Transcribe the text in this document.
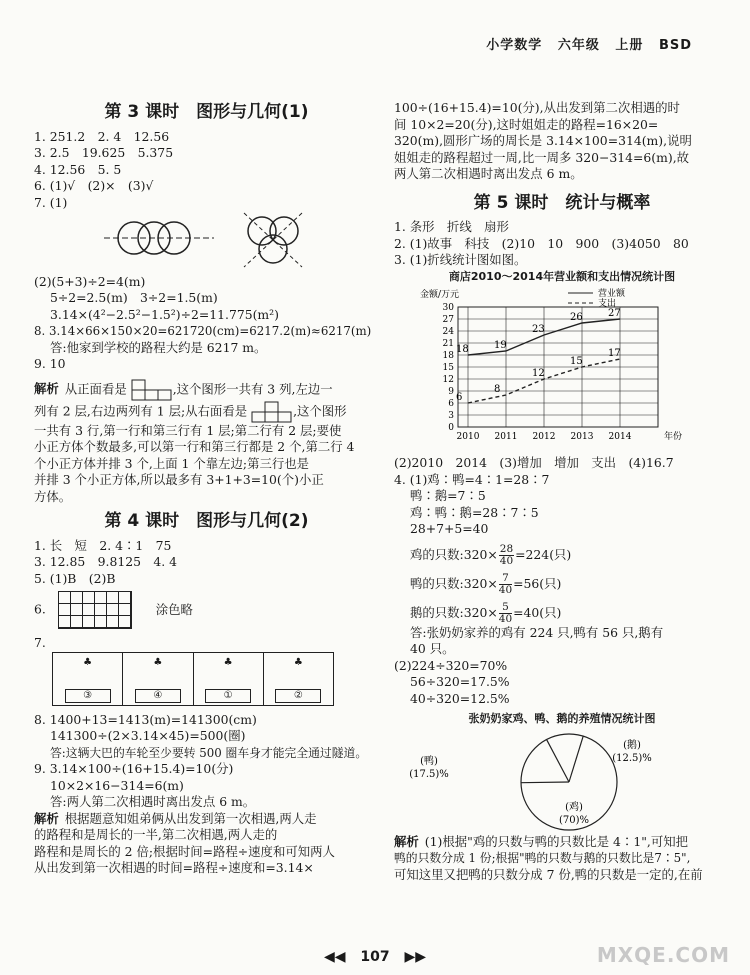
小学数学 六年级 上册 BSD
第 3 课时　图形与几何(1)
1. 251.2　2. 4　12.56
3. 2.5　19.625　5.375
4. 12.56　5. 5
6. (1)√　(2)×　(3)√
7. (1)
(2)(5+3)÷2=4(m)
5÷2=2.5(m)　3÷2=1.5(m)
3.14×(4²−2.5²−1.5²)÷2=11.775(m²)
8. 3.14×66×150×20=621720(cm)=6217.2(m)≈6217(m)
答:他家到学校的路程大约是 6217 m。
9. 10
解析 从正面看是	,这个图形一共有 3 列,左边一
列有 2 层,右边两列有 1 层;从右面看是	,这个图形
一共有 3 行,第一行和第三行有 1 层;第二行有 2 层;要使
小正方体个数最多,可以第一行和第三行都是 2 个,第二行 4
个小正方体并排 3 个,上面 1 个靠左边;第三行也是
并排 3 个小正方体,所以最多有 3+1+3=10(个)小正
方体。
第 4 课时　图形与几何(2)
1. 长　短　2. 4∶1　75
3. 12.85　9.8125　4. 4
5. (1)B　(2)B
6.	涂色略
7.
♣
③
♣
④
♣
①
♣
②
8. 1400+13=1413(m)=141300(cm)
141300÷(2×3.14×45)=500(圈)
答:这辆大巴的车轮至少要转 500 圈车身才能完全通过隧道。
9. 3.14×100÷(16+15.4)=10(分)
10×2×16−314=6(m)
答:两人第二次相遇时离出发点 6 m。
解析 根据题意知姐弟俩从出发到第一次相遇,两人走
的路程和是周长的一半,第二次相遇,两人走的
路程和是周长的 2 倍;根据时间=路程÷速度和可知两人
从出发到第一次相遇的时间=路程÷速度和=3.14×
100÷(16+15.4)=10(分),从出发到第二次相遇的时
间 10×2=20(分),这时姐姐走的路程=16×20=
320(m),圆形广场的周长是 3.14×100=314(m),说明
姐姐走的路程超过一周,比一周多 320−314=6(m),故
两人第二次相遇时离出发点 6 m。
第 5 课时　统计与概率
1. 条形　折线　扇形
2. (1)故事　科技　(2)10　10　900　(3)4050　80
3. (1)折线统计图如图。
商店2010～2014年营业额和支出情况统计图
金额/万元
0
3
6
9
12
15
18
21
24
27
30
2010 2011 2012 2013 2014	年份
18	19
23
26	27
营业额
6
8
12
15
17
支出
(2)2010　2014　(3)增加　增加　支出　(4)16.7
4. (1)鸡∶鸭=4∶1=28∶7
鸭∶鹅=7∶5
鸡∶鸭∶鹅=28∶7∶5
28+7+5=40
鸡的只数:320× $\frac{28}{40} =224$(只)
鸭的只数:320× $\frac{7}{40} =56$(只)
鹅的只数:320× $\frac{5}{40} =40$(只)
答:张奶奶家养的鸡有 224 只,鸭有 56 只,鹅有
40 只。
(2)224÷320=70%
56÷320=17.5%
40÷320=12.5%
张奶奶家鸡、鸭、鹅的养殖情况统计图
(鸡)
(70)%
(鸭)
(17.5)%
(鹅)
(12.5)%
解析 (1)根据"鸡的只数与鸭的只数比是 4∶1",可知把
鸭的只数分成 1 份;根据"鸭的只数与鹅的只数比是7∶5",
可知这里又把鸭的只数分成 7 份,鸭的只数是一定的,在前
◀◀ 107 ▶▶	MXQE.COM
